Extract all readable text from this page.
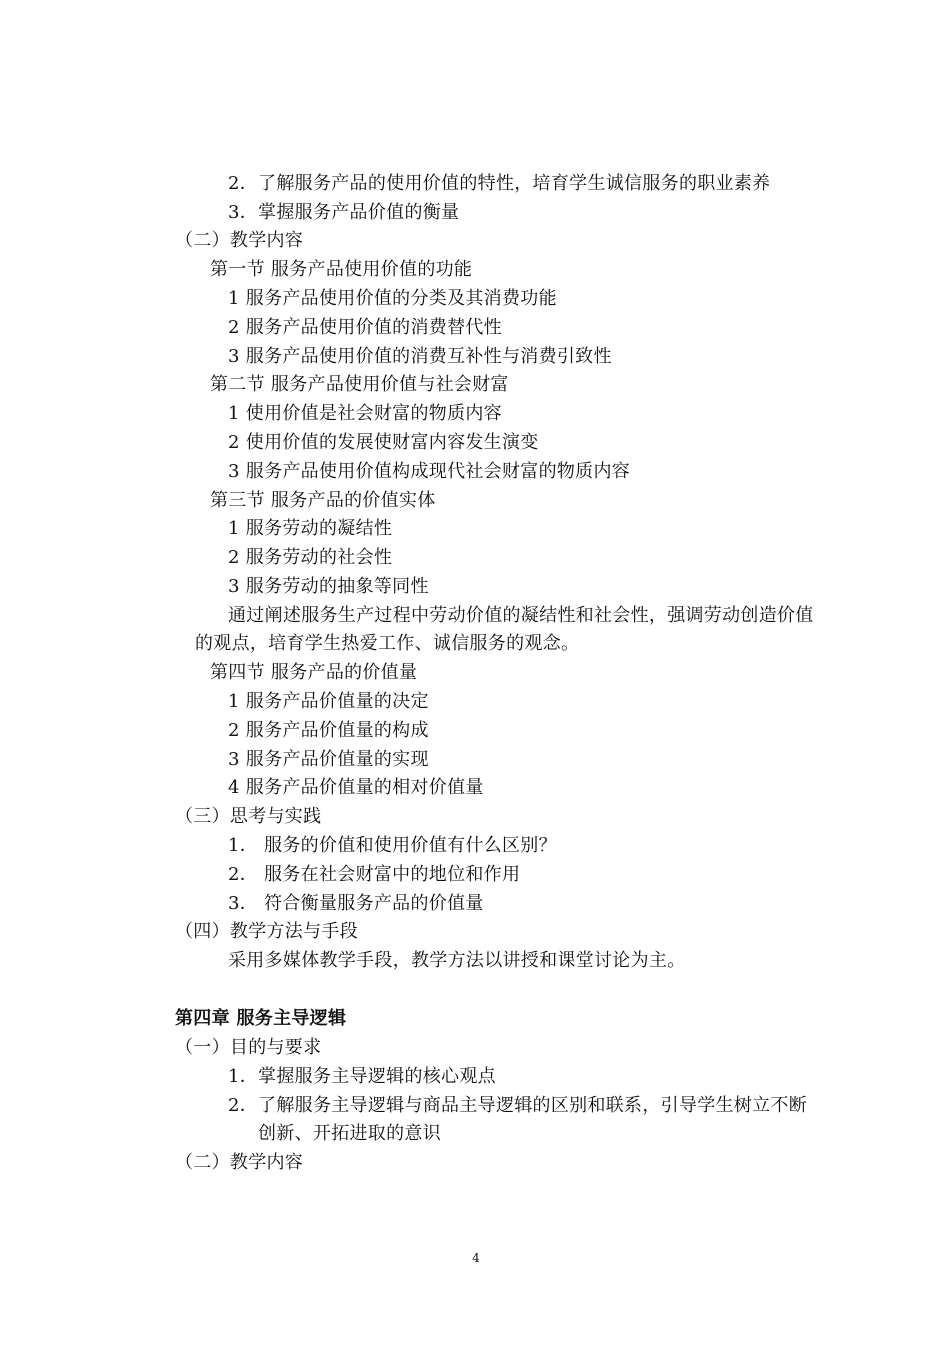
2．了解服务产品的使用价值的特性，培育学生诚信服务的职业素养
3．掌握服务产品价值的衡量
（二）教学内容
第一节 服务产品使用价值的功能
1 服务产品使用价值的分类及其消费功能
2 服务产品使用价值的消费替代性
3 服务产品使用价值的消费互补性与消费引致性
第二节 服务产品使用价值与社会财富
1 使用价值是社会财富的物质内容
2 使用价值的发展使财富内容发生演变
3 服务产品使用价值构成现代社会财富的物质内容
第三节 服务产品的价值实体
1 服务劳动的凝结性
2 服务劳动的社会性
3 服务劳动的抽象等同性
通过阐述服务生产过程中劳动价值的凝结性和社会性，强调劳动创造价值
的观点，培育学生热爱工作、诚信服务的观念。
第四节 服务产品的价值量
1 服务产品价值量的决定
2 服务产品价值量的构成
3 服务产品价值量的实现
4 服务产品价值量的相对价值量
（三）思考与实践
1． 服务的价值和使用价值有什么区别？
2． 服务在社会财富中的地位和作用
3． 符合衡量服务产品的价值量
（四）教学方法与手段
采用多媒体教学手段，教学方法以讲授和课堂讨论为主。
第四章 服务主导逻辑
（一）目的与要求
1．掌握服务主导逻辑的核心观点
2．了解服务主导逻辑与商品主导逻辑的区别和联系，引导学生树立不断
创新、开拓进取的意识
（二）教学内容
4
